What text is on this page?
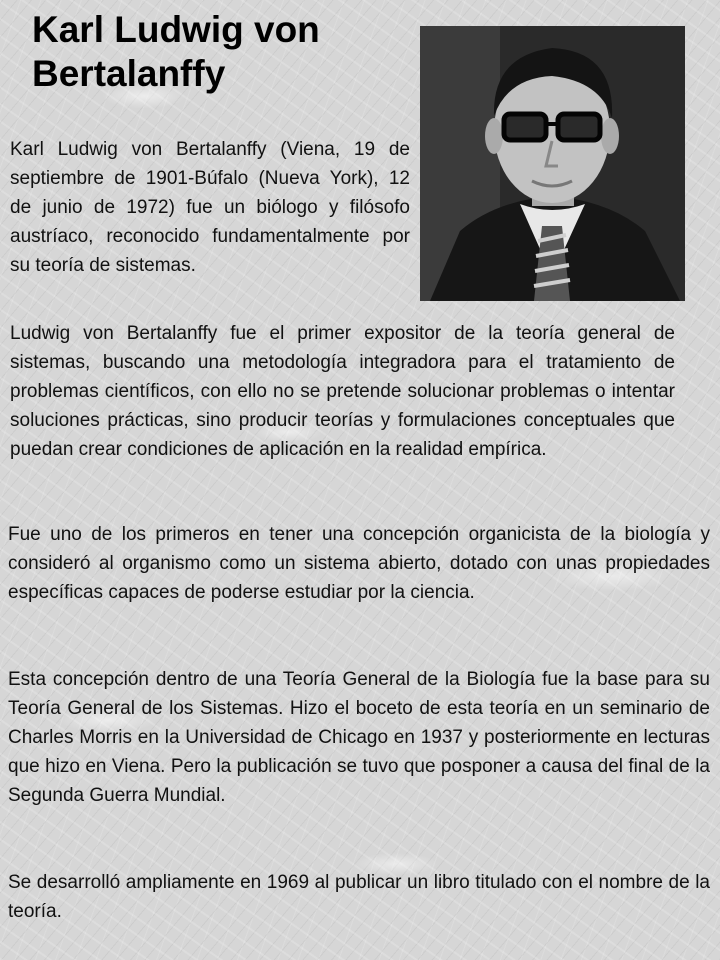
Karl Ludwig von Bertalanffy

Karl Ludwig von Bertalanffy (Viena, 19 de septiembre de 1901-Búfalo (Nueva York), 12 de junio de 1972) fue un biólogo y filósofo austríaco, reconocido fundamentalmente por su teoría de sistemas.

Ludwig von Bertalanffy fue el primer expositor de la teoría general de sistemas, buscando una metodología integradora para el tratamiento de problemas científicos, con ello no se pretende solucionar problemas o intentar soluciones prácticas, sino producir teorías y formulaciones conceptuales que puedan crear condiciones de aplicación en la realidad empírica.

Fue uno de los primeros en tener una concepción organicista de la biología y consideró al organismo como un sistema abierto, dotado con unas propiedades específicas capaces de poderse estudiar por la ciencia.

Esta concepción dentro de una Teoría General de la Biología fue la base para su Teoría General de los Sistemas. Hizo el boceto de esta teoría en un seminario de Charles Morris en la Universidad de Chicago en 1937 y posteriormente en lecturas que hizo en Viena. Pero la publicación se tuvo que posponer a causa del final de la Segunda Guerra Mundial.

Se desarrolló ampliamente en 1969 al publicar un libro titulado con el nombre de la teoría.
